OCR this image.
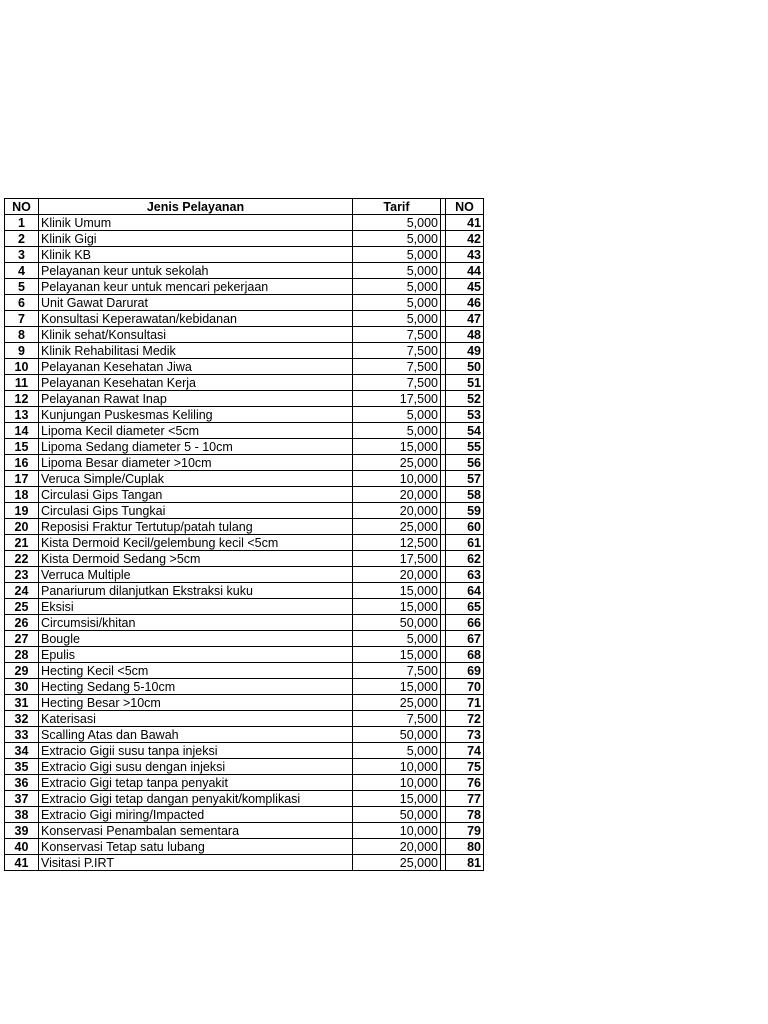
NO	Jenis Pelayanan	Tarif		NO
1	Klinik Umum	5,000		41
2	Klinik Gigi	5,000		42
3	Klinik KB	5,000		43
4	Pelayanan keur untuk sekolah	5,000		44
5	Pelayanan keur untuk mencari pekerjaan	5,000		45
6	Unit Gawat Darurat	5,000		46
7	Konsultasi Keperawatan/kebidanan	5,000		47
8	Klinik sehat/Konsultasi	7,500		48
9	Klinik Rehabilitasi Medik	7,500		49
10	Pelayanan Kesehatan Jiwa	7,500		50
11	Pelayanan Kesehatan Kerja	7,500		51
12	Pelayanan Rawat Inap	17,500		52
13	Kunjungan Puskesmas Keliling	5,000		53
14	Lipoma Kecil diameter <5cm	5,000		54
15	Lipoma Sedang diameter 5 - 10cm	15,000		55
16	Lipoma Besar diameter >10cm	25,000		56
17	Veruca Simple/Cuplak	10,000		57
18	Circulasi Gips Tangan	20,000		58
19	Circulasi Gips Tungkai	20,000		59
20	Reposisi Fraktur Tertutup/patah tulang	25,000		60
21	Kista Dermoid Kecil/gelembung kecil <5cm	12,500		61
22	Kista Dermoid Sedang >5cm	17,500		62
23	Verruca Multiple	20,000		63
24	Panariurum dilanjutkan Ekstraksi kuku	15,000		64
25	Eksisi	15,000		65
26	Circumsisi/khitan	50,000		66
27	Bougle	5,000		67
28	Epulis	15,000		68
29	Hecting Kecil <5cm	7,500		69
30	Hecting Sedang 5-10cm	15,000		70
31	Hecting Besar >10cm	25,000		71
32	Katerisasi	7,500		72
33	Scalling Atas dan Bawah	50,000		73
34	Extracio Gigii susu tanpa injeksi	5,000		74
35	Extracio Gigi susu dengan injeksi	10,000		75
36	Extracio Gigi tetap tanpa penyakit	10,000		76
37	Extracio Gigi tetap dangan penyakit/komplikasi	15,000		77
38	Extracio Gigi miring/Impacted	50,000		78
39	Konservasi Penambalan sementara	10,000		79
40	Konservasi Tetap satu lubang	20,000		80
41	Visitasi P.IRT	25,000		81
